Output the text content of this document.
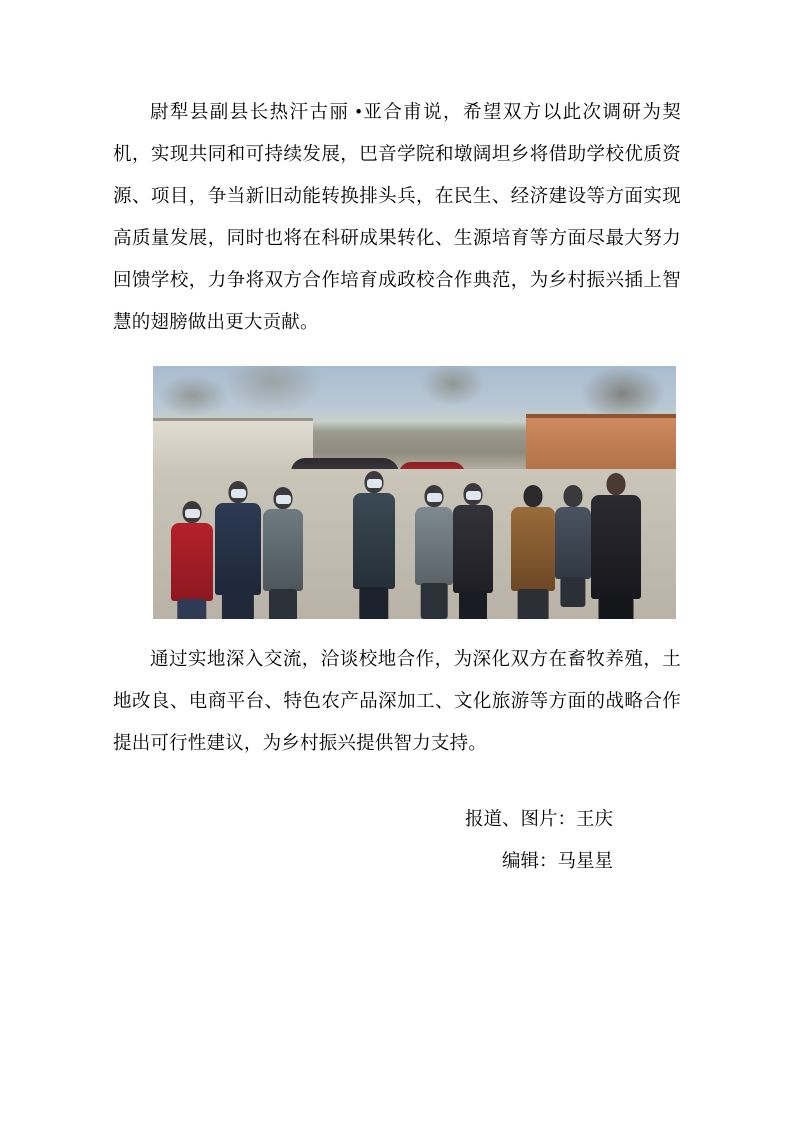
尉犁县副县长热汗古丽 •亚合甫说，希望双方以此次调研为契机，实现共同和可持续发展，巴音学院和墩阔坦乡将借助学校优质资源、项目，争当新旧动能转换排头兵，在民生、经济建设等方面实现高质量发展，同时也将在科研成果转化、生源培育等方面尽最大努力回馈学校，力争将双方合作培育成政校合作典范，为乡村振兴插上智慧的翅膀做出更大贡献。

通过实地深入交流，洽谈校地合作，为深化双方在畜牧养殖，土地改良、电商平台、特色农产品深加工、文化旅游等方面的战略合作提出可行性建议，为乡村振兴提供智力支持。

报道、图片：王庆
编辑：马星星
